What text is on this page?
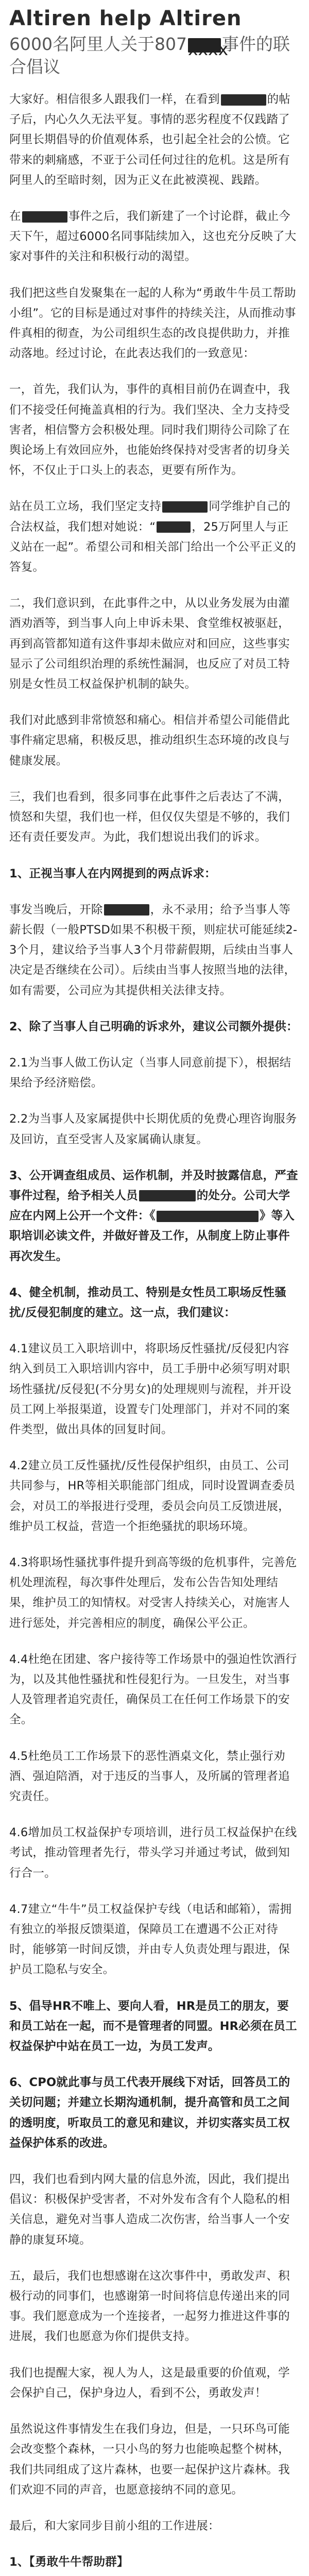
Altiren help Altiren
6000名阿里人关于807xxxx事件的联合倡议

大家好。相信很多人跟我们一样，在看到	的帖子后，内心久久无法平复。事情的恶劣程度不仅践踏了阿里长期倡导的价值观体系，也引起全社会的公愤。它带来的刺痛感，不亚于公司任何过往的危机。这是所有阿里人的至暗时刻，因为正义在此被漠视、践踏。

在	事件之后，我们新建了一个讨论群，截止今天下午，超过6000名同事陆续加入，这也充分反映了大家对事件的关注和积极行动的渴望。

我们把这些自发聚集在一起的人称为“勇敢牛牛员工帮助小组”。它的目标是通过对事件的持续关注，从而推动事件真相的彻查，为公司组织生态的改良提供助力，并推动落地。经过讨论，在此表达我们的一致意见：

一，首先，我们认为，事件的真相目前仍在调查中，我们不接受任何掩盖真相的行为。我们坚决、全力支持受害者，相信警方会积极处理。同时我们期待公司除了在舆论场上有效回应外，也能始终保持对受害者的切身关怀，不仅止于口头上的表态，更要有所作为。

站在员工立场，我们坚定支持	同学维护自己的合法权益，我们想对她说：“	，25万阿里人与正义站在一起”。希望公司和相关部门给出一个公平正义的答复。

二，我们意识到，在此事件之中，从以业务发展为由灌酒劝酒等，到当事人向上申诉未果、食堂维权被驱赶，再到高管都知道有这件事却未做应对和回应，这些事实显示了公司组织治理的系统性漏洞，也反应了对员工特别是女性员工权益保护机制的缺失。

我们对此感到非常愤怒和痛心。相信并希望公司能借此事件痛定思痛，积极反思，推动组织生态环境的改良与健康发展。

三，我们也看到，很多同事在此事件之后表达了不满，愤怒和失望，我们也一样，但仅仅失望是不够的，我们还有责任要发声。为此，我们想说出我们的诉求。

1、正视当事人在内网提到的两点诉求：

事发当晚后，开除	，永不录用；给予当事人等薪长假（一般PTSD如果不积极干预，则症状可能延续2-3个月，建议给予当事人3个月带薪假期，后续由当事人决定是否继续在公司）。后续由当事人按照当地的法律，如有需要，公司应为其提供相关法律支持。

2、除了当事人自己明确的诉求外，建议公司额外提供：

2.1为当事人做工伤认定（当事人同意前提下），根据结果给予经济赔偿。

2.2为当事人及家属提供中长期优质的免费心理咨询服务及回访，直至受害人及家属确认康复。

3、公开调查组成员、运作机制，并及时披露信息，严查事件过程，给予相关人员	的处分。公司大学应在内网上公开一个文件：《	》等入职培训必读文件，并做好普及工作，从制度上防止事件再次发生。

4、健全机制，推动员工、特别是女性员工职场反性骚扰/反侵犯制度的建立。这一点，我们建议：

4.1建议员工入职培训中，将职场反性骚扰/反侵犯内容纳入到员工入职培训内容中，员工手册中必须写明对职场性骚扰/反侵犯(不分男女)的处理规则与流程，并开设员工网上举报渠道，设置专门处理部门，并对不同的案件类型，做出具体的回复时间。

4.2建立员工反性骚扰/反性侵保护组织，由员工、公司共同参与，HR等相关职能部门组成，同时设置调查委员会，对员工的举报进行受理，委员会向员工反馈进展，维护员工权益，营造一个拒绝骚扰的职场环境。

4.3将职场性骚扰事件提升到高等级的危机事件，完善危机处理流程，每次事件处理后，发布公告告知处理结果，维护员工的知情权。对受害人持续关心，对施害人进行惩处，并完善相应的制度，确保公平公正。

4.4杜绝在团建、客户接待等工作场景中的强迫性饮酒行为，以及其他性骚扰和性侵犯行为。一旦发生，对当事人及管理者追究责任，确保员工在任何工作场景下的安全。

4.5杜绝员工工作场景下的恶性酒桌文化，禁止强行劝酒、强迫陪酒，对于违反的当事人，及所属的管理者追究责任。

4.6增加员工权益保护专项培训，进行员工权益保护在线考试，推动管理者先行，带头学习并通过考试，做到知行合一。

4.7建立“牛牛”员工权益保护专线（电话和邮箱），需拥有独立的举报反馈渠道，保障员工在遭遇不公正对待时，能够第一时间反馈，并由专人负责处理与跟进，保护员工隐私与安全。

5、倡导HR不唯上、要向人看，HR是员工的朋友，要和员工站在一起，而不是管理者的同盟。HR必须在员工权益保护中站在员工一边，为员工发声。

6、CPO就此事与员工代表开展线下对话，回答员工的关切问题；并建立长期沟通机制，提升高管和员工之间的透明度，听取员工的意见和建议，并切实落实员工权益保护体系的改进。

四，我们也看到内网大量的信息外流，因此，我们提出倡议：积极保护受害者，不对外发布含有个人隐私的相关信息，避免对当事人造成二次伤害，给当事人一个安静的康复环境。

五，最后，我们也想感谢在这次事件中，勇敢发声、积极行动的同事们，也感谢第一时间将信息传递出来的同事。我们愿意成为一个连接者，一起努力推进这件事的进展，我们也愿意为你们提供支持。

我们也提醒大家，视人为人，这是最重要的价值观，学会保护自己，保护身边人，看到不公，勇敢发声！

虽然说这件事情发生在我们身边，但是，一只环鸟可能会改变整个森林，一只小鸟的努力也能唤起整个树林，我们共同组成了这片森林，也要一起保护这片森林。我们欢迎不同的声音，也愿意接纳不同的意见。

最后，和大家同步目前小组的工作进展：

1、【勇敢牛牛帮助群】
